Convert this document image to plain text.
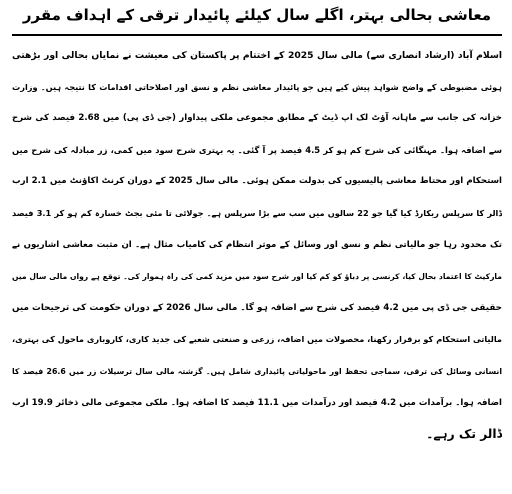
معاشی بحالی بہتر، اگلے سال کیلئے پائیدار ترقی کے اہداف مقرر
اسلام آباد (ارشاد انصاری سے) مالی سال 2025 کے اختتام پر پاکستان کی معیشت نے نمایاں بحالی اور بڑھتی
ہوئی مضبوطی کے واضح شواہد پیش کیے ہیں جو پائیدار معاشی نظم و نسق اور اصلاحاتی اقدامات کا نتیجہ ہیں۔ وزارت
خزانہ کی جانب سے ماہانہ آؤٹ لک اپ ڈیٹ کے مطابق مجموعی ملکی پیداوار (جی ڈی پی) میں 2.68 فیصد کی شرح
سے اضافہ ہوا۔ مہنگائی کی شرح کم ہو کر 4.5 فیصد پر آ گئی۔ یہ بہتری شرح سود میں کمی، زر مبادلہ کی شرح میں
استحکام اور محتاط معاشی پالیسیوں کی بدولت ممکن ہوئی۔ مالی سال 2025 کے دوران کرنٹ اکاؤنٹ میں 2.1 ارب
ڈالر کا سرپلس ریکارڈ کیا گیا جو 22 سالوں میں سب سے بڑا سرپلس ہے۔ جولائی تا مئی بجٹ خسارہ کم ہو کر 3.1 فیصد
تک محدود رہا جو مالیاتی نظم و نسق اور وسائل کے موثر انتظام کی کامیاب مثال ہے۔ ان مثبت معاشی اشاریوں نے
مارکیٹ کا اعتماد بحال کیا، کرنسی پر دباؤ کو کم کیا اور شرح سود میں مزید کمی کی راہ ہموار کی۔ توقع ہے رواں مالی سال میں
حقیقی جی ڈی پی میں 4.2 فیصد کی شرح سے اضافہ ہو گا۔ مالی سال 2026 کے دوران حکومت کی ترجیحات میں
مالیاتی استحکام کو برقرار رکھنا، محصولات میں اضافہ، زرعی و صنعتی شعبے کی جدید کاری، کاروباری ماحول کی بہتری،
انسانی وسائل کی ترقی، سماجی تحفظ اور ماحولیاتی پائیداری شامل ہیں۔ گزشتہ مالی سال ترسیلات زر میں 26.6 فیصد کا
اضافہ ہوا۔ برآمدات میں 4.2 فیصد اور درآمدات میں 11.1 فیصد کا اضافہ ہوا۔ ملکی مجموعی مالی ذخائر 19.9 ارب
ڈالر تک رہے۔
